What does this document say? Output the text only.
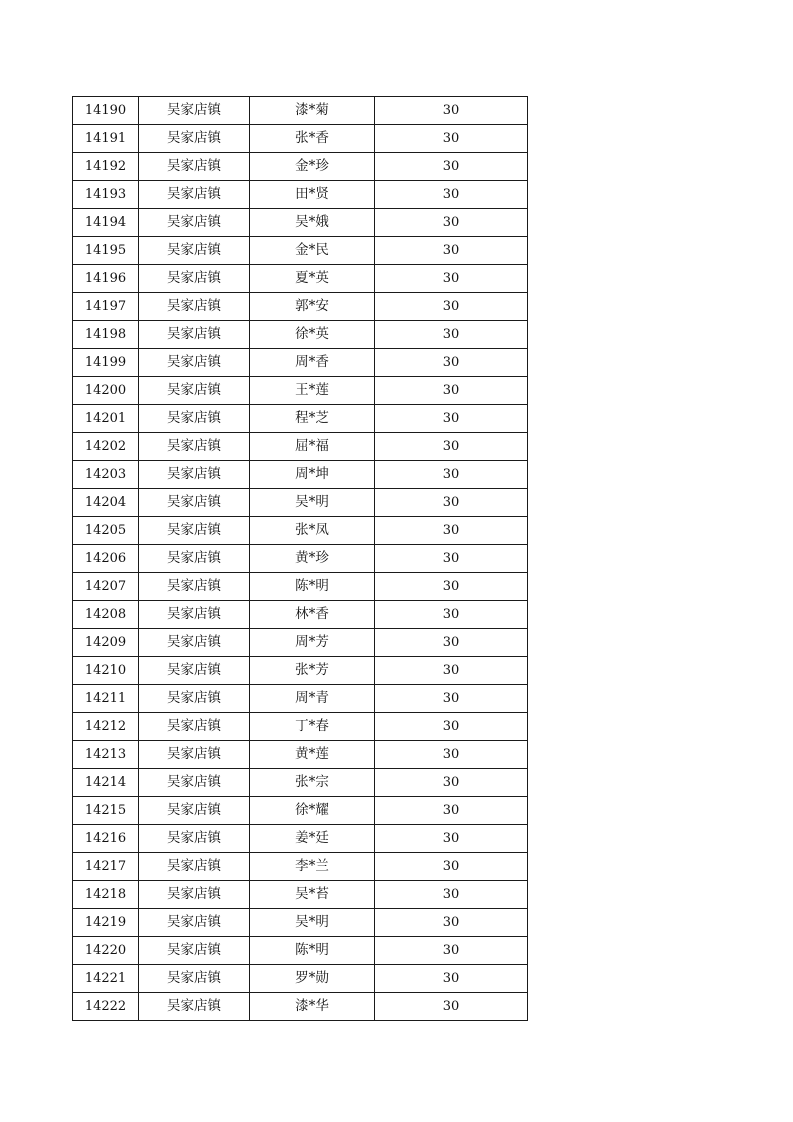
14190	吴家店镇	漆*菊	30
14191	吴家店镇	张*香	30
14192	吴家店镇	金*珍	30
14193	吴家店镇	田*贤	30
14194	吴家店镇	吴*娥	30
14195	吴家店镇	金*民	30
14196	吴家店镇	夏*英	30
14197	吴家店镇	郭*安	30
14198	吴家店镇	徐*英	30
14199	吴家店镇	周*香	30
14200	吴家店镇	王*莲	30
14201	吴家店镇	程*芝	30
14202	吴家店镇	屈*福	30
14203	吴家店镇	周*坤	30
14204	吴家店镇	吴*明	30
14205	吴家店镇	张*凤	30
14206	吴家店镇	黄*珍	30
14207	吴家店镇	陈*明	30
14208	吴家店镇	林*香	30
14209	吴家店镇	周*芳	30
14210	吴家店镇	张*芳	30
14211	吴家店镇	周*青	30
14212	吴家店镇	丁*春	30
14213	吴家店镇	黄*莲	30
14214	吴家店镇	张*宗	30
14215	吴家店镇	徐*耀	30
14216	吴家店镇	姜*廷	30
14217	吴家店镇	李*兰	30
14218	吴家店镇	吴*苔	30
14219	吴家店镇	吴*明	30
14220	吴家店镇	陈*明	30
14221	吴家店镇	罗*勋	30
14222	吴家店镇	漆*华	30
